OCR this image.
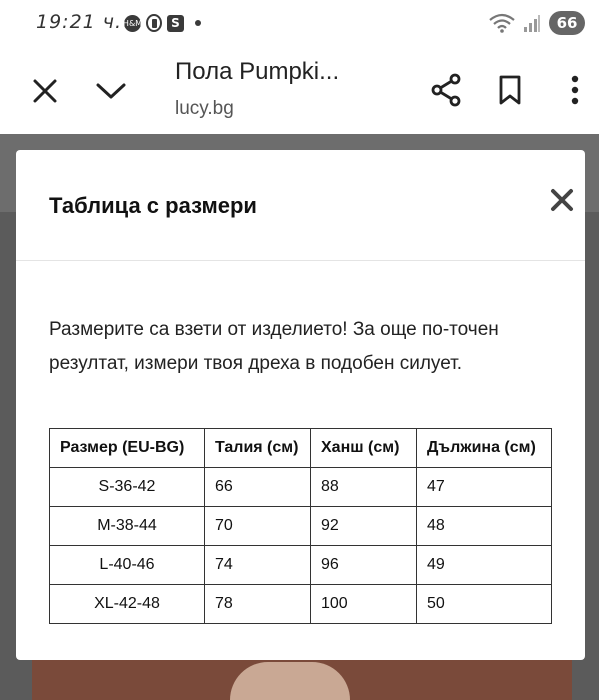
19:21 ч. H&M	S	66
Пола Pumpki...
lucy.bg
Таблица с размери
Размерите са взети от изделието! За още по-точен резултат, измери твоя дреха в подобен силует.
Размер (EU-BG)	Талия (см)	Ханш (см)	Дължина (см)
S-36-42	66	88	47
M-38-44	70	92	48
L-40-46	74	96	49
XL-42-48	78	100	50
